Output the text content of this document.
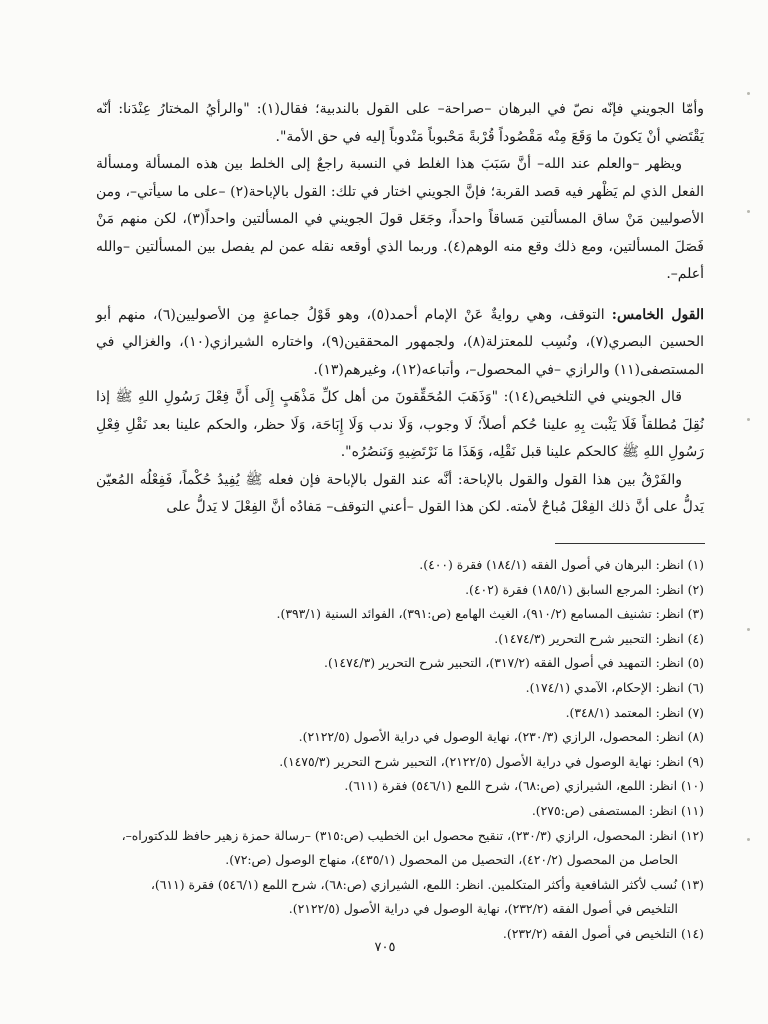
وأمّا الجويني فإنّه نصّ في البرهان –صراحة– على القول بالندبية؛ فقال(١): "والرأيُ المختارُ عِنْدَنا: أنّه يَقْتَضي أنْ يَكونَ ما وَقَعَ مِنْه مَقْصُوداً قُرْبةً مَحْبوباً مَنْدوباً إليه في حق الأمة".

ويظهر –والعلم عند الله– أنَّ سَبَبَ هذا الغلط في النسبة راجعٌ إلى الخلط بين هذه المسألة ومسألة الفعل الذي لم يَظْهر فيه قصد القربة؛ فإنَّ الجويني اختار في تلك: القول بالإباحة(٢) –على ما سيأتي–، ومن الأصوليين مَنْ ساق المسألتين مَساقاً واحداً، وجَعَل قولَ الجويني في المسألتين واحداً(٣)، لكن منهم مَنْ فَصَلَ المسألتين، ومع ذلك وقع منه الوهم(٤). وربما الذي أوقعه نقله عمن لم يفصل بين المسألتين –والله أعلم–.

القول الخامس: التوقف، وهي روايةٌ عَنْ الإمام أحمد(٥)، وهو قَوْلُ جماعةٍ مِن الأصوليين(٦)، منهم أبو الحسين البصري(٧)، ونُسِب للمعتزلة(٨)، ولجمهور المحققين(٩)، واختاره الشيرازي(١٠)، والغزالي في المستصفى(١١) والرازي –في المحصول–، وأتباعه(١٢)، وغيرهم(١٣).

قال الجويني في التلخيص(١٤): "وَذَهَبَ المُحَقِّقونَ من أهل كلِّ مَذْهَبٍ إِلَى أَنَّ فِعْلَ رَسُولِ اللهِ ﷺ إذا نُقِلَ مُطلقاً فَلَا يَثْبت بِهِ علينا حُكم أصلاً؛ لَا وجوب، وَلَا ندب وَلَا إِبَاحَة، وَلَا حظر، والحكم علينا بعد نَقْلِ فِعْلِ رَسُولِ اللهِ ﷺ كالحكم علينا قبل نَقْلِه، وَهَذَا مَا نَرْتَضِيهِ وَنَنصُرُه".

والفَرْقُ بين هذا القول والقول بالإباحة: أنَّه عند القول بالإباحة فإن فعله ﷺ يُفِيدُ حُكْماً، فَفِعْلُه المُعيّن يَدلُّ على أنَّ ذلك الفِعْلَ مُباحٌ لأمته. لكن هذا القول –أعني التوقف– مَفادُه أنَّ الفِعْلَ لا يَدلُّ على

(١) انظر: البرهان في أصول الفقه (١٨٤/١) فقرة (٤٠٠).

(٢) انظر: المرجع السابق (١٨٥/١) فقرة (٤٠٢).

(٣) انظر: تشنيف المسامع (٩١٠/٢)، الغيث الهامع (ص:٣٩١)، الفوائد السنية (٣٩٣/١).

(٤) انظر: التحبير شرح التحرير (١٤٧٤/٣).

(٥) انظر: التمهيد في أصول الفقه (٣١٧/٢)، التحبير شرح التحرير (١٤٧٤/٣).

(٦) انظر: الإحكام، الآمدي (١٧٤/١).

(٧) انظر: المعتمد (٣٤٨/١).

(٨) انظر: المحصول، الرازي (٢٣٠/٣)، نهاية الوصول في دراية الأصول (٢١٢٢/٥).

(٩) انظر: نهاية الوصول في دراية الأصول (٢١٢٢/٥)، التحبير شرح التحرير (١٤٧٥/٣).

(١٠) انظر: اللمع، الشيرازي (ص:٦٨)، شرح اللمع (٥٤٦/١) فقرة (٦١١).

(١١) انظر: المستصفى (ص:٢٧٥).

(١٢) انظر: المحصول، الرازي (٢٣٠/٣)، تنقيح محصول ابن الخطيب (ص:٣١٥) –رسالة حمزة زهير حافظ للدكتوراه–،

الحاصل من المحصول (٤٢٠/٢)، التحصيل من المحصول (٤٣٥/١)، منهاج الوصول (ص:٧٢).

(١٣) نُسب لأكثر الشافعية وأكثر المتكلمين. انظر: اللمع، الشيرازي (ص:٦٨)، شرح اللمع (٥٤٦/١) فقرة (٦١١)،

التلخيص في أصول الفقه (٢٣٢/٢)، نهاية الوصول في دراية الأصول (٢١٢٢/٥).

(١٤) التلخيص في أصول الفقه (٢٣٢/٢).

٧٠٥
